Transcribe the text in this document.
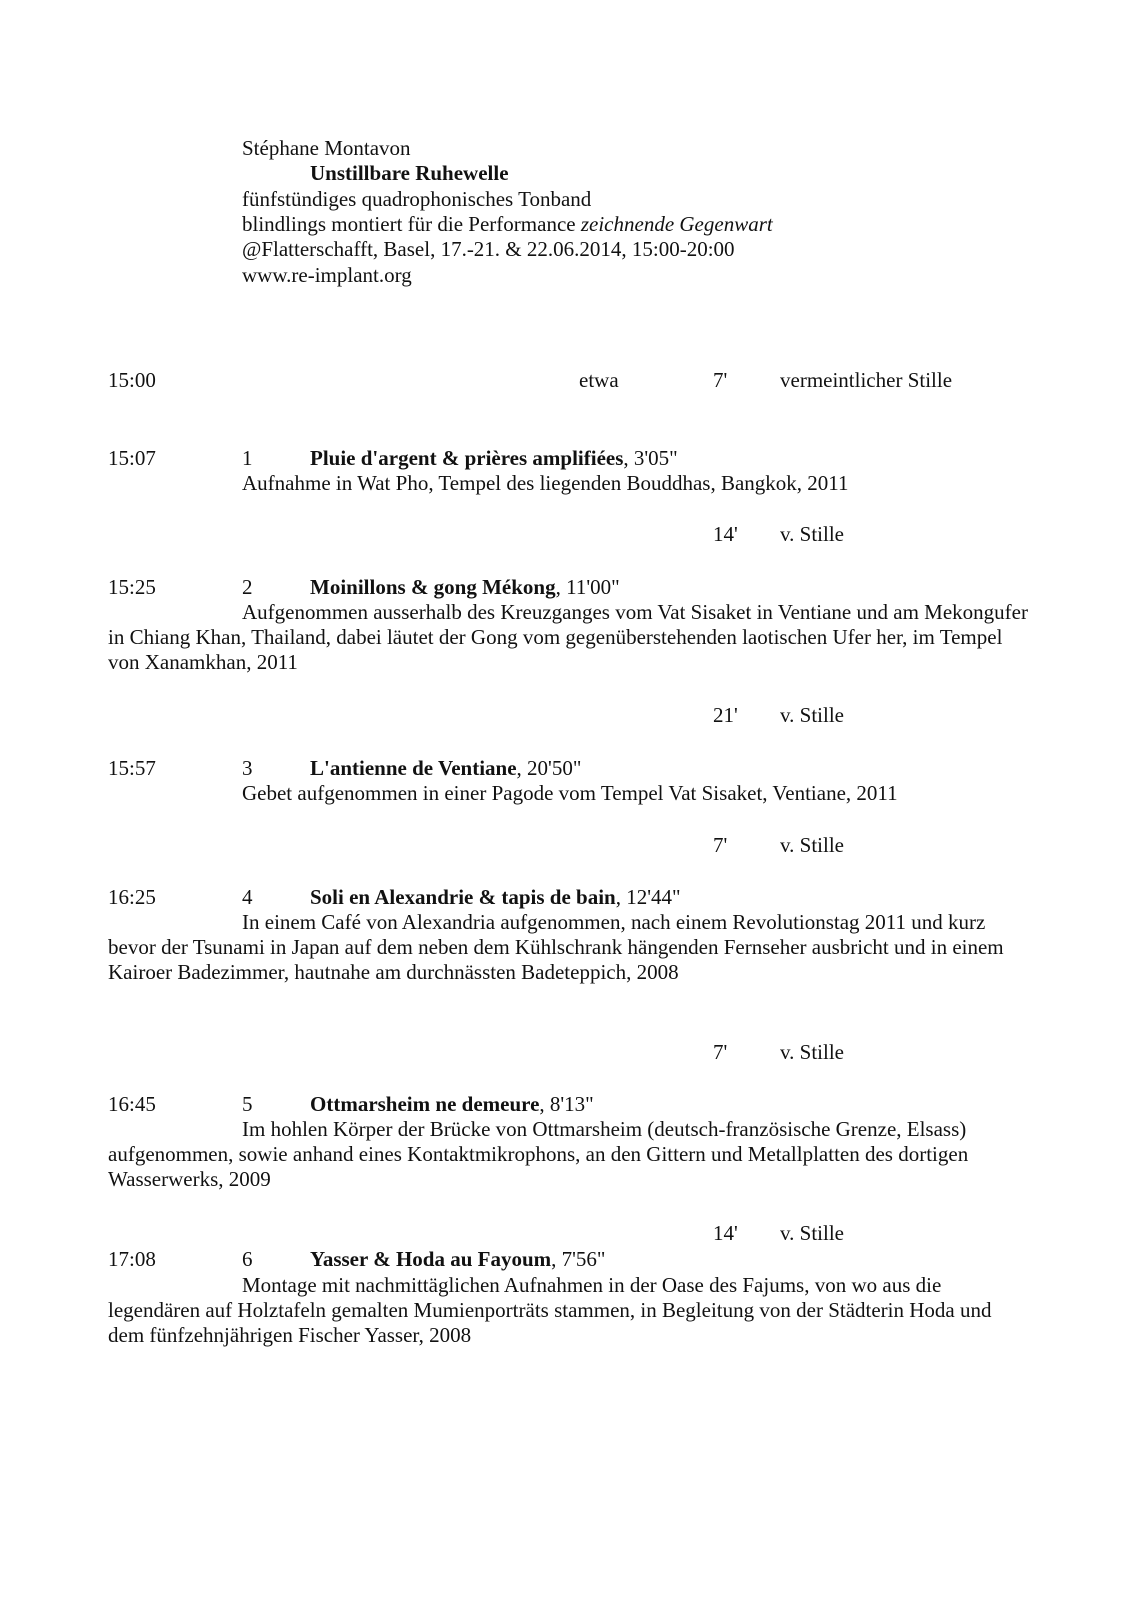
Stéphane Montavon
Unstillbare Ruhewelle
fünfstündiges quadrophonisches Tonband
blindlings montiert für die Performance zeichnende Gegenwart
@Flatterschafft, Basel, 17.-21. & 22.06.2014, 15:00-20:00
www.re-implant.org
15:00	etwa	7'	vermeintlicher Stille
15:07	1	Pluie d'argent & prières amplifiées, 3'05"
Aufnahme in Wat Pho, Tempel des liegenden Bouddhas, Bangkok, 2011
14' v. Stille
15:25	2	Moinillons & gong Mékong, 11'00"
Aufgenommen ausserhalb des Kreuzganges vom Vat Sisaket in Ventiane und am Mekongufer in Chiang Khan, Thailand, dabei läutet der Gong vom gegenüberstehenden laotischen Ufer her, im Tempel von Xanamkhan, 2011
21' v. Stille
15:57	3	L'antienne de Ventiane, 20'50"
Gebet aufgenommen in einer Pagode vom Tempel Vat Sisaket, Ventiane, 2011
7'	v. Stille
16:25	4	Soli en Alexandrie & tapis de bain, 12'44"
In einem Café von Alexandria aufgenommen, nach einem Revolutionstag 2011 und kurz bevor der Tsunami in Japan auf dem neben dem Kühlschrank hängenden Fernseher ausbricht und in einem Kairoer Badezimmer, hautnahe am durchnässten Badeteppich, 2008
7'	v. Stille
16:45	5	Ottmarsheim ne demeure, 8'13"
Im hohlen Körper der Brücke von Ottmarsheim (deutsch-französische Grenze, Elsass) aufgenommen, sowie anhand eines Kontaktmikrophons, an den Gittern und Metallplatten des dortigen Wasserwerks, 2009
14' v. Stille
17:08	6	Yasser & Hoda au Fayoum, 7'56"
Montage mit nachmittäglichen Aufnahmen in der Oase des Fajums, von wo aus die legendären auf Holztafeln gemalten Mumienporträts stammen, in Begleitung von der Städterin Hoda und dem fünfzehnjährigen Fischer Yasser, 2008
